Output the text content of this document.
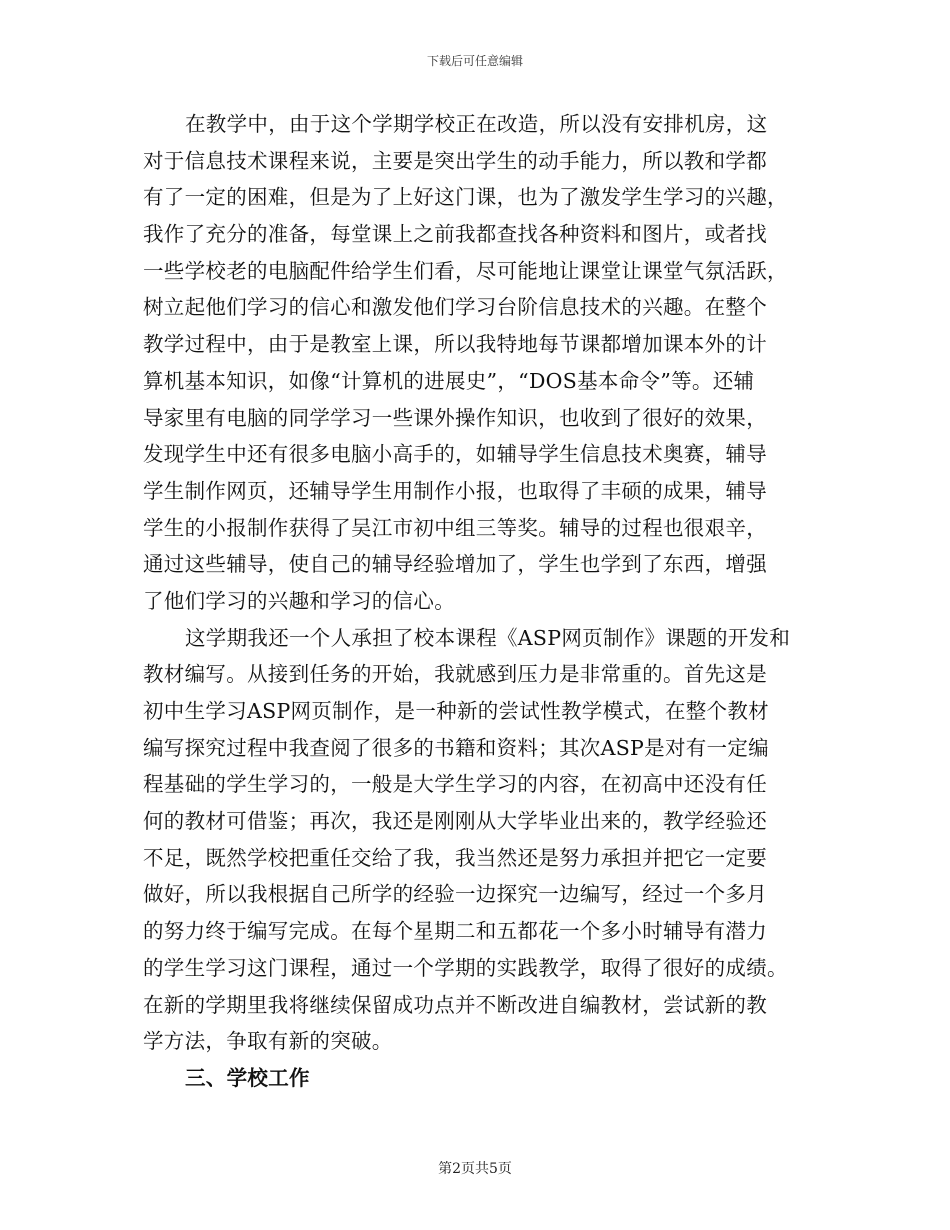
下载后可任意编辑
在教学中，由于这个学期学校正在改造，所以没有安排机房，这
对于信息技术课程来说，主要是突出学生的动手能力，所以教和学都
有了一定的困难，但是为了上好这门课，也为了激发学生学习的兴趣，
我作了充分的准备，每堂课上之前我都查找各种资料和图片，或者找
一些学校老的电脑配件给学生们看，尽可能地让课堂让课堂气氛活跃，
树立起他们学习的信心和激发他们学习台阶信息技术的兴趣。在整个
教学过程中，由于是教室上课，所以我特地每节课都增加课本外的计
算机基本知识，如像“计算机的进展史”，“DOS基本命令”等。还辅
导家里有电脑的同学学习一些课外操作知识，也收到了很好的效果，
发现学生中还有很多电脑小高手的，如辅导学生信息技术奥赛，辅导
学生制作网页，还辅导学生用制作小报，也取得了丰硕的成果，辅导
学生的小报制作获得了吴江市初中组三等奖。辅导的过程也很艰辛，
通过这些辅导，使自己的辅导经验增加了，学生也学到了东西，增强
了他们学习的兴趣和学习的信心。
这学期我还一个人承担了校本课程《ASP网页制作》课题的开发和
教材编写。从接到任务的开始，我就感到压力是非常重的。首先这是
初中生学习ASP网页制作，是一种新的尝试性教学模式，在整个教材
编写探究过程中我查阅了很多的书籍和资料；其次ASP是对有一定编
程基础的学生学习的，一般是大学生学习的内容，在初高中还没有任
何的教材可借鉴；再次，我还是刚刚从大学毕业出来的，教学经验还
不足，既然学校把重任交给了我，我当然还是努力承担并把它一定要
做好，所以我根据自己所学的经验一边探究一边编写，经过一个多月
的努力终于编写完成。在每个星期二和五都花一个多小时辅导有潜力
的学生学习这门课程，通过一个学期的实践教学，取得了很好的成绩。
在新的学期里我将继续保留成功点并不断改进自编教材，尝试新的教
学方法，争取有新的突破。
三、学校工作
第2页共5页
